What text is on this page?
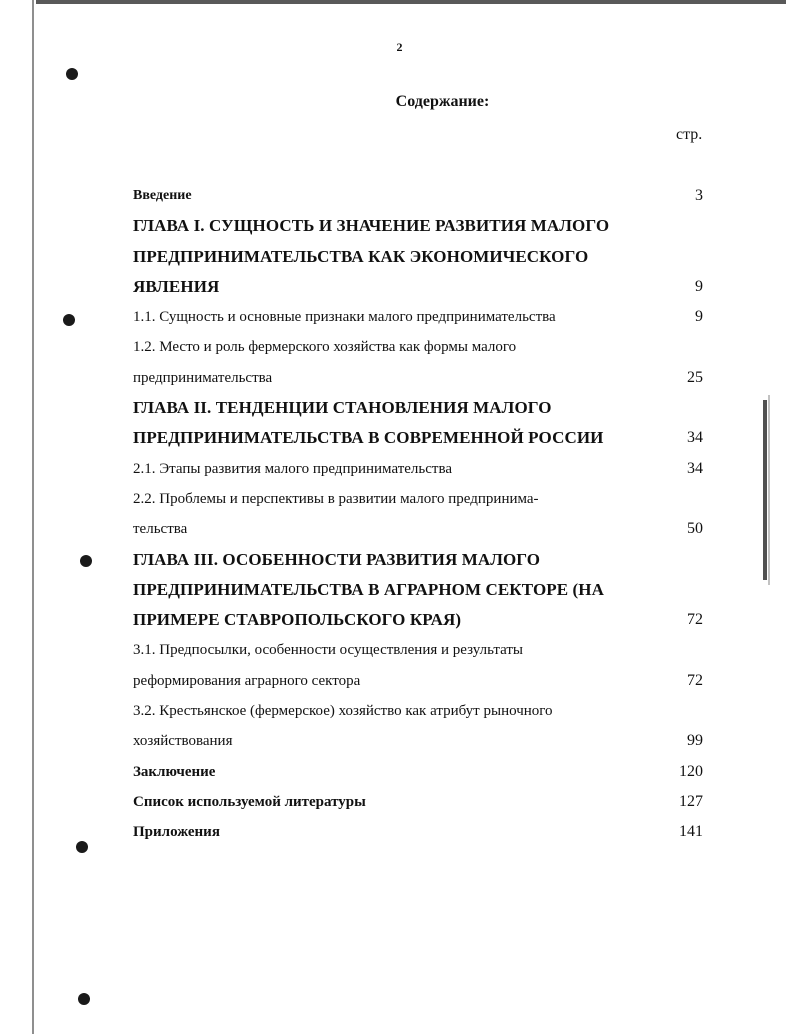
2
Содержание:
стр.
Введение	3
ГЛАВА I. СУЩНОСТЬ И ЗНАЧЕНИЕ РАЗВИТИЯ МАЛОГО
ПРЕДПРИНИМАТЕЛЬСТВА КАК ЭКОНОМИЧЕСКОГО
ЯВЛЕНИЯ	9
1.1. Сущность и основные признаки малого предпринимательства	9
1.2. Место и роль фермерского хозяйства как формы малого
предпринимательства	25
ГЛАВА II. ТЕНДЕНЦИИ СТАНОВЛЕНИЯ МАЛОГО
ПРЕДПРИНИМАТЕЛЬСТВА В СОВРЕМЕННОЙ РОССИИ	34
2.1. Этапы развития малого предпринимательства	34
2.2. Проблемы и перспективы в развитии малого предпринима-
тельства	50
ГЛАВА III. ОСОБЕННОСТИ РАЗВИТИЯ МАЛОГО
ПРЕДПРИНИМАТЕЛЬСТВА В АГРАРНОМ СЕКТОРЕ (НА
ПРИМЕРЕ СТАВРОПОЛЬСКОГО КРАЯ)	72
3.1. Предпосылки, особенности осуществления и результаты
реформирования аграрного сектора	72
3.2. Крестьянское (фермерское) хозяйство как атрибут рыночного
хозяйствования	99
Заключение	120
Список используемой литературы	127
Приложения	141
